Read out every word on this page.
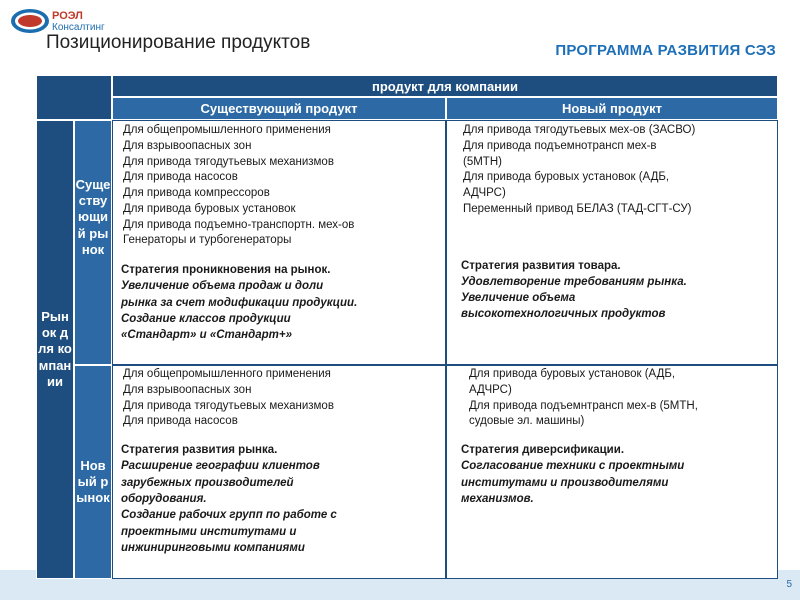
РОЭЛ
Консалтинг
Позиционирование продуктов	ПРОГРАММА РАЗВИТИЯ СЭЗ
продукт для компании
Существующий продукт	Новый продукт
Рынок для компании
Существующий рынок
Новый рынок
Для общепромышленного применения
Для взрывоопасных зон
Для привода тягодутьевых механизмов
Для привода насосов
Для привода компрессоров
Для привода буровых установок
Для привода подъемно-транспортн. мех-ов
Генераторы и турбогенераторы
Стратегия проникновения на рынок.
Увеличение объема продаж и доли
рынка за счет модификации продукции.
Создание классов продукции
«Стандарт» и «Стандарт+»
Для привода тягодутьевых мех-ов (ЗАСВО)
Для привода подъемнотрансп мех-в
(5МТН)
Для привода буровых установок (АДБ,
АДЧРС)
Переменный привод БЕЛАЗ (ТАД-СГТ-СУ)
Стратегия развития товара.
Удовлетворение требованиям рынка.
Увеличение объема
высокотехнологичных продуктов
Для общепромышленного применения
Для взрывоопасных зон
Для привода тягодутьевых механизмов
Для привода насосов
Стратегия развития рынка.
Расширение географии клиентов
зарубежных производителей
оборудования.
Создание рабочих групп по работе с
проектными институтами и
инжиниринговыми компаниями
Для привода буровых установок (АДБ,
АДЧРС)
Для привода подъемнтрансп мех-в (5МТН,
судовые эл. машины)
Стратегия диверсификации.
Согласование техники с проектными
институтами и производителями
механизмов.
5
